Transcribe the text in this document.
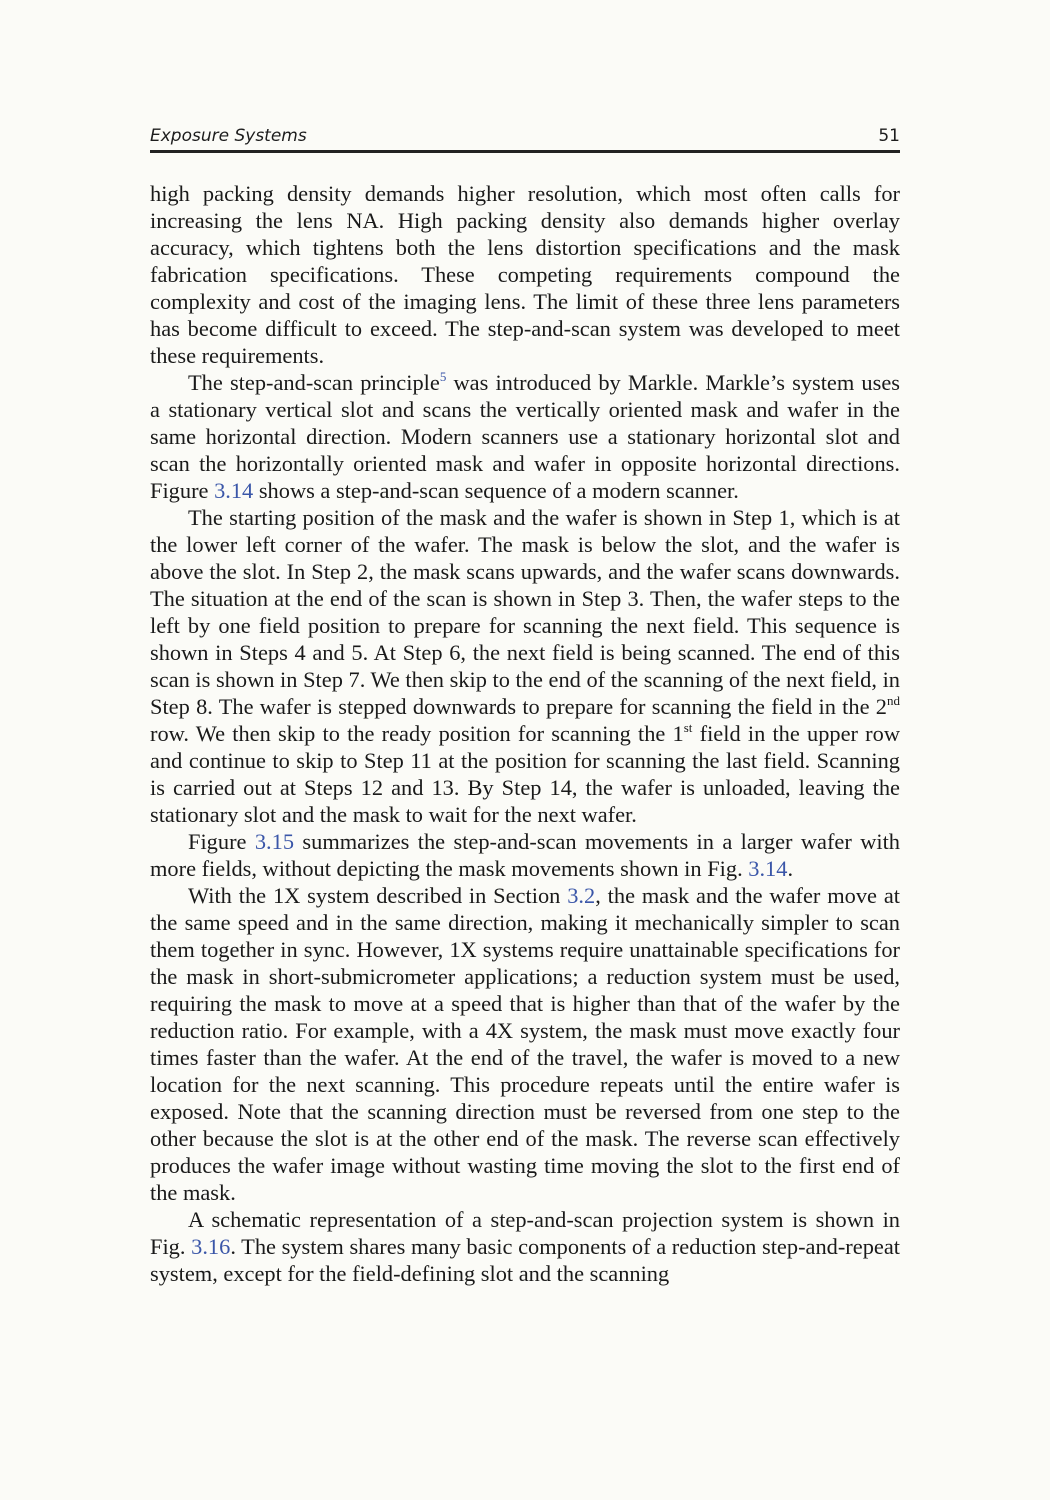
Exposure Systems	51

high packing density demands higher resolution, which most often calls for increasing the lens NA. High packing density also demands higher overlay accuracy, which tightens both the lens distortion specifications and the mask fabrication specifications. These competing requirements compound the complexity and cost of the imaging lens. The limit of these three lens parameters has become difficult to exceed. The step-and-scan system was developed to meet these requirements.

The step-and-scan principle$^5$ was introduced by Markle. Markle’s system uses a stationary vertical slot and scans the vertically oriented mask and wafer in the same horizontal direction. Modern scanners use a stationary horizontal slot and scan the horizontally oriented mask and wafer in opposite horizontal directions. Figure 3.14 shows a step-and-scan sequence of a modern scanner.

The starting position of the mask and the wafer is shown in Step 1, which is at the lower left corner of the wafer. The mask is below the slot, and the wafer is above the slot. In Step 2, the mask scans upwards, and the wafer scans downwards. The situation at the end of the scan is shown in Step 3. Then, the wafer steps to the left by one field position to prepare for scanning the next field. This sequence is shown in Steps 4 and 5. At Step 6, the next field is being scanned. The end of this scan is shown in Step 7. We then skip to the end of the scanning of the next field, in Step 8. The wafer is stepped downwards to prepare for scanning the field in the 2nd row. We then skip to the ready position for scanning the 1st field in the upper row and continue to skip to Step 11 at the position for scanning the last field. Scanning is carried out at Steps 12 and 13. By Step 14, the wafer is unloaded, leaving the stationary slot and the mask to wait for the next wafer.

Figure 3.15 summarizes the step-and-scan movements in a larger wafer with more fields, without depicting the mask movements shown in Fig. 3.14.

With the 1X system described in Section 3.2, the mask and the wafer move at the same speed and in the same direction, making it mechanically simpler to scan them together in sync. However, 1X systems require unattainable specifications for the mask in short-submicrometer applications; a reduction system must be used, requiring the mask to move at a speed that is higher than that of the wafer by the reduction ratio. For example, with a 4X system, the mask must move exactly four times faster than the wafer. At the end of the travel, the wafer is moved to a new location for the next scanning. This procedure repeats until the entire wafer is exposed. Note that the scanning direction must be reversed from one step to the other because the slot is at the other end of the mask. The reverse scan effectively produces the wafer image without wasting time moving the slot to the first end of the mask.

A schematic representation of a step-and-scan projection system is shown in Fig. 3.16. The system shares many basic components of a reduction step-and-repeat system, except for the field-defining slot and the scanning
